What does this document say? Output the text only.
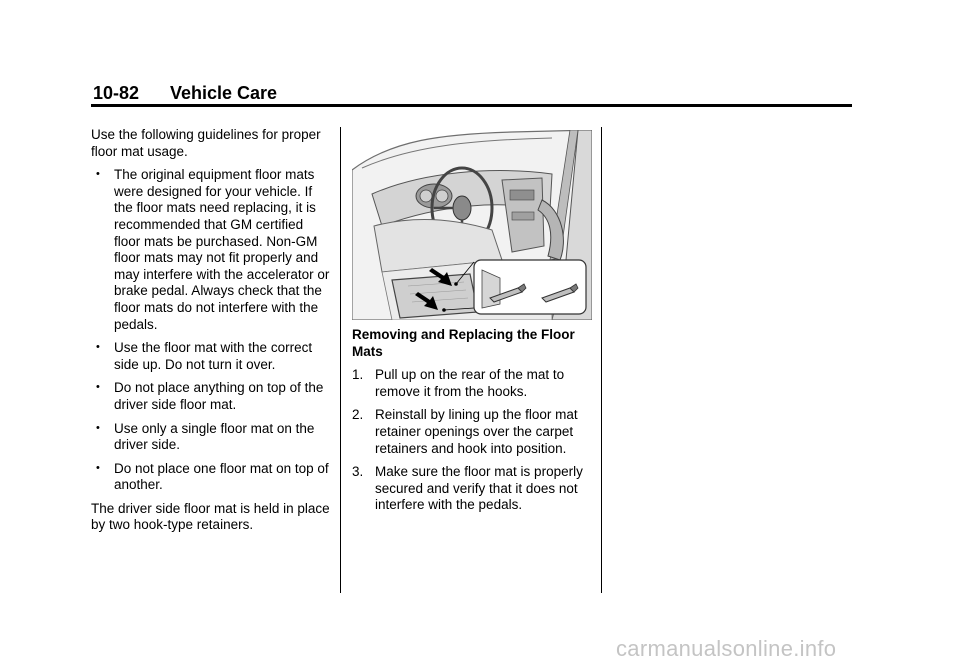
10-82 Vehicle Care

Use the following guidelines for proper floor mat usage.

• The original equipment floor mats were designed for your vehicle. If the floor mats need replacing, it is recommended that GM certified floor mats be purchased. Non-GM floor mats may not fit properly and may interfere with the accelerator or brake pedal. Always check that the floor mats do not interfere with the pedals.
• Use the floor mat with the correct side up. Do not turn it over.
• Do not place anything on top of the driver side floor mat.
• Use only a single floor mat on the driver side.
• Do not place one floor mat on top of another.

The driver side floor mat is held in place by two hook-type retainers.

Removing and Replacing the Floor Mats
1. Pull up on the rear of the mat to remove it from the hooks.
2. Reinstall by lining up the floor mat retainer openings over the carpet retainers and hook into position.
3. Make sure the floor mat is properly secured and verify that it does not interfere with the pedals.
carmanualsonline.info
